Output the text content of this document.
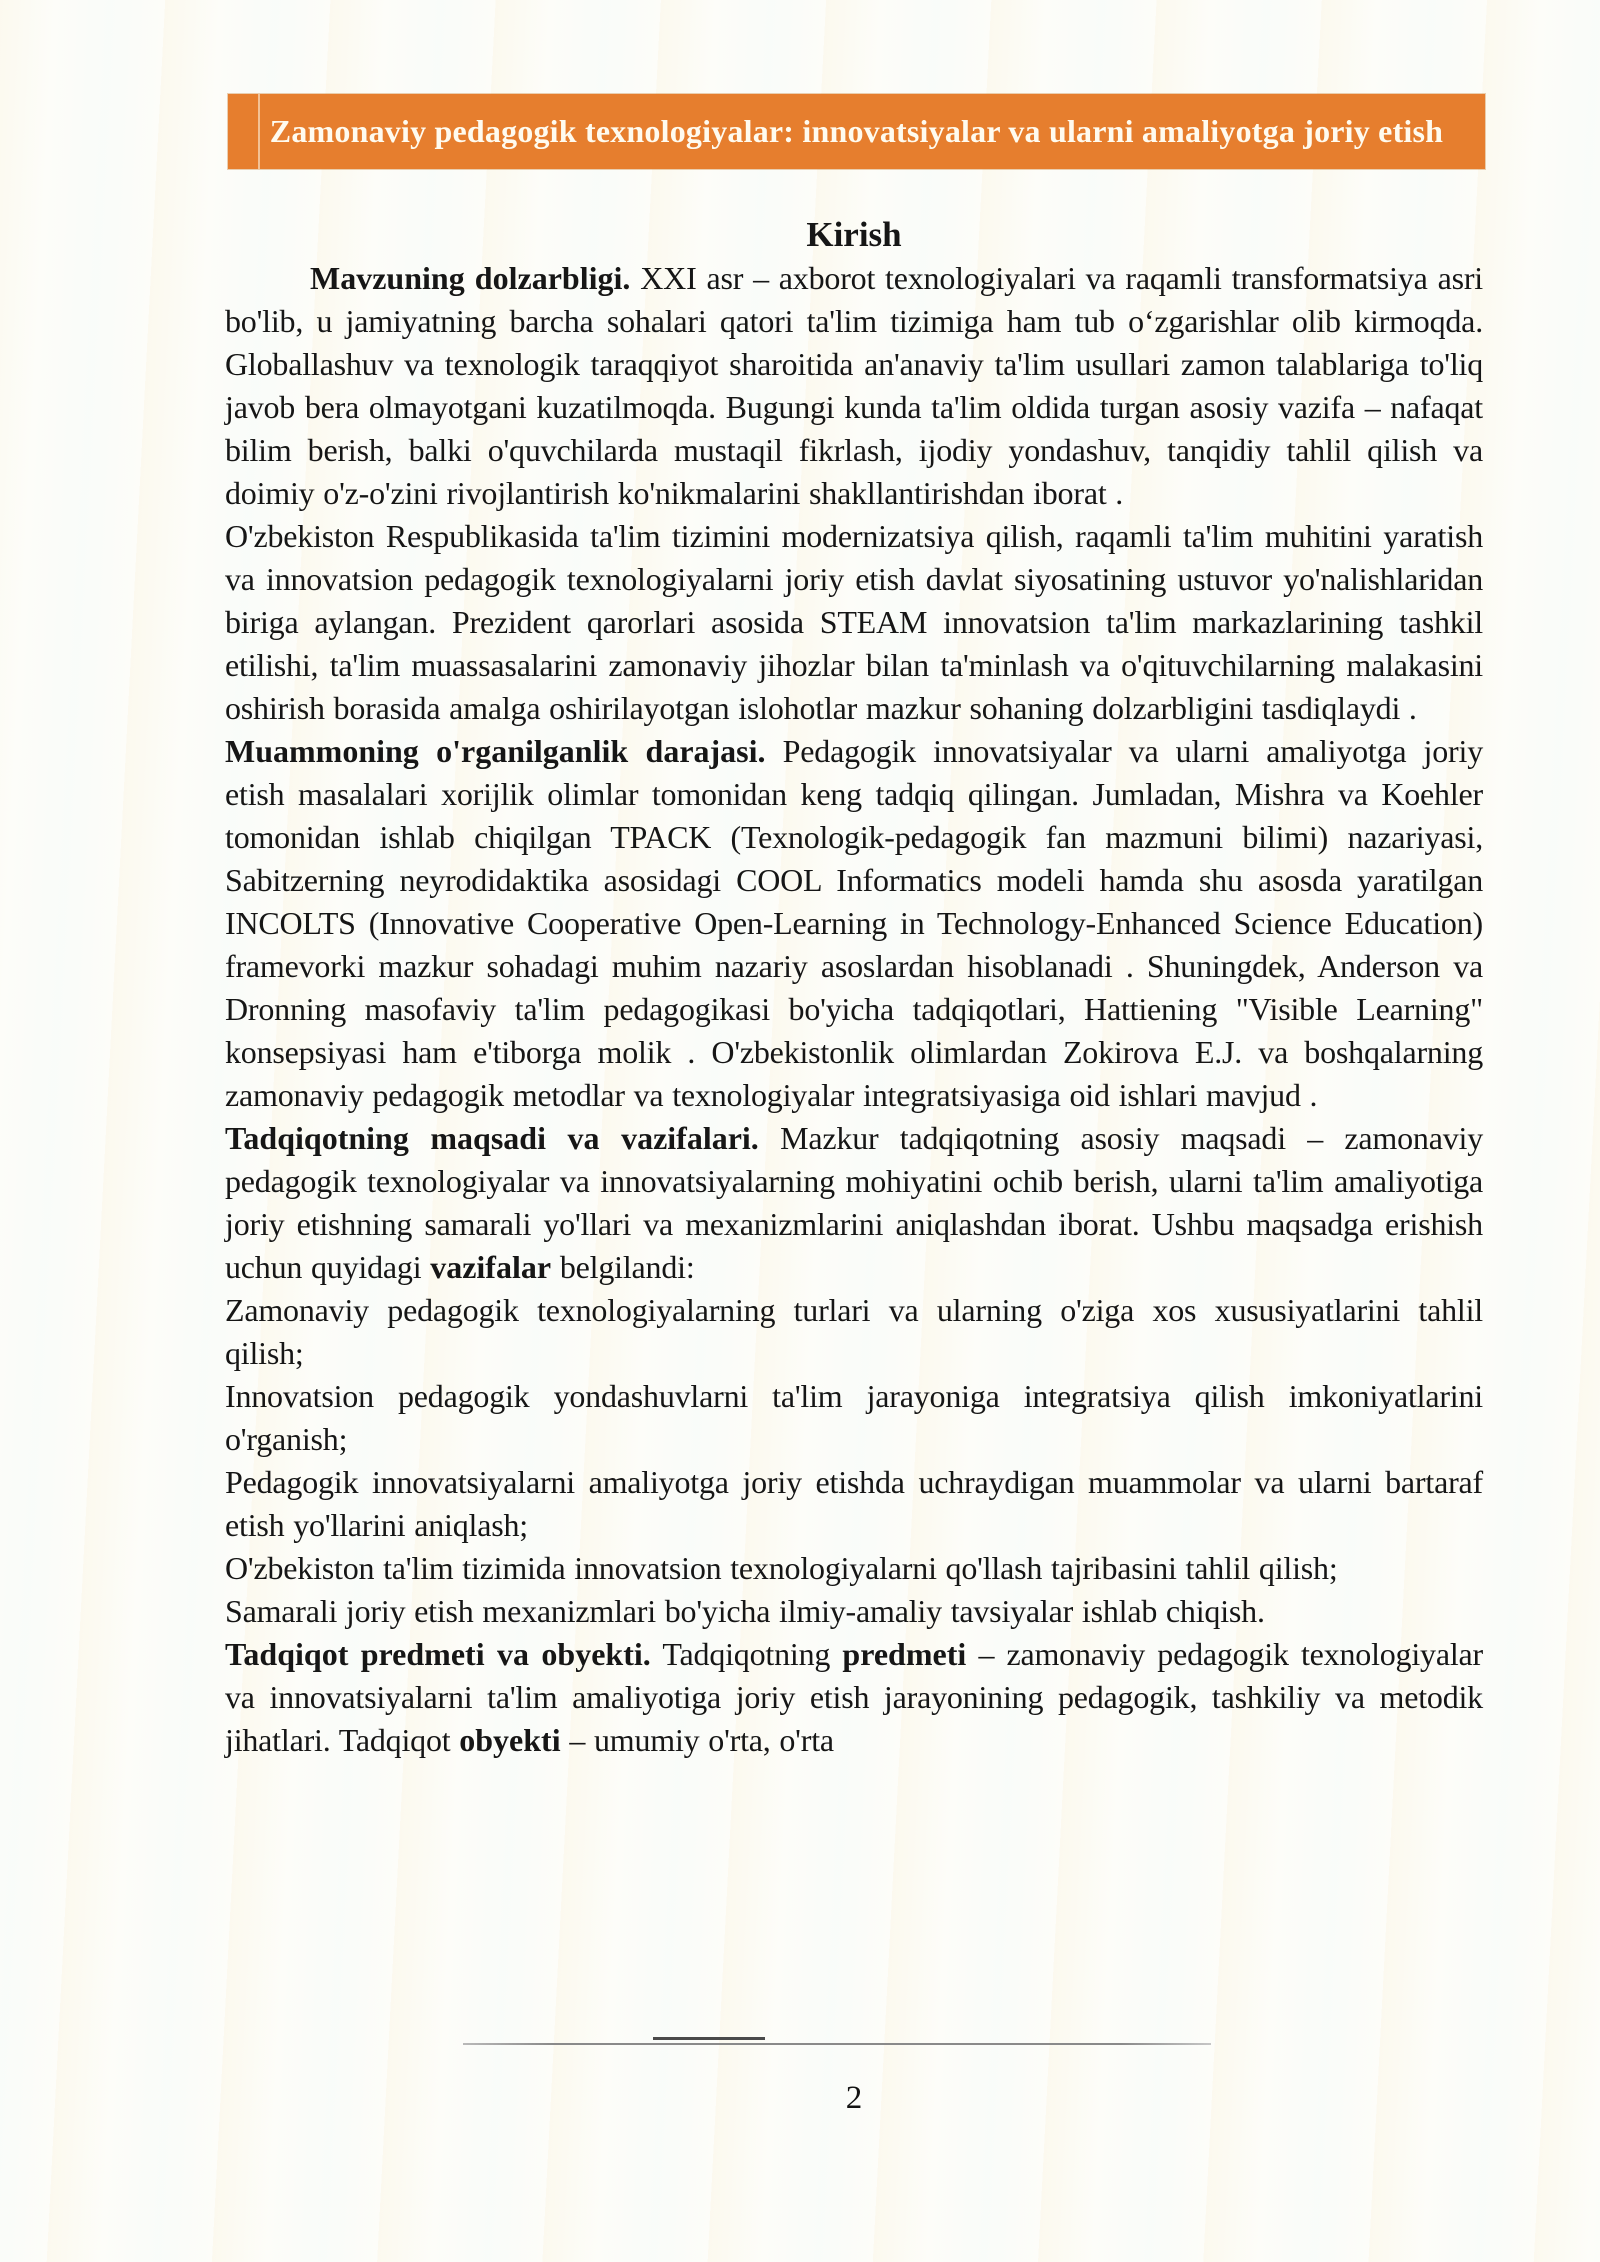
Zamonaviy pedagogik texnologiyalar: innovatsiyalar va ularni amaliyotga joriy etish
Kirish

Mavzuning dolzarbligi. XXI asr – axborot texnologiyalari va raqamli transformatsiya asri bo'lib, u jamiyatning barcha sohalari qatori ta'lim tizimiga ham tub o‘zgarishlar olib kirmoqda. Globallashuv va texnologik taraqqiyot sharoitida an'anaviy ta'lim usullari zamon talablariga to'liq javob bera olmayotgani kuzatilmoqda. Bugungi kunda ta'lim oldida turgan asosiy vazifa – nafaqat bilim berish, balki o'quvchilarda mustaqil fikrlash, ijodiy yondashuv, tanqidiy tahlil qilish va doimiy o'z-o'zini rivojlantirish ko'nikmalarini shakllantirishdan iborat .

O'zbekiston Respublikasida ta'lim tizimini modernizatsiya qilish, raqamli ta'lim muhitini yaratish va innovatsion pedagogik texnologiyalarni joriy etish davlat siyosatining ustuvor yo'nalishlaridan biriga aylangan. Prezident qarorlari asosida STEAM innovatsion ta'lim markazlarining tashkil etilishi, ta'lim muassasalarini zamonaviy jihozlar bilan ta'minlash va o'qituvchilarning malakasini oshirish borasida amalga oshirilayotgan islohotlar mazkur sohaning dolzarbligini tasdiqlaydi .

Muammoning o'rganilganlik darajasi. Pedagogik innovatsiyalar va ularni amaliyotga joriy etish masalalari xorijlik olimlar tomonidan keng tadqiq qilingan. Jumladan, Mishra va Koehler tomonidan ishlab chiqilgan TPACK (Texnologik-pedagogik fan mazmuni bilimi) nazariyasi, Sabitzerning neyrodidaktika asosidagi COOL Informatics modeli hamda shu asosda yaratilgan INCOLTS (Innovative Cooperative Open-Learning in Technology-Enhanced Science Education) framevorki mazkur sohadagi muhim nazariy asoslardan hisoblanadi . Shuningdek, Anderson va Dronning masofaviy ta'lim pedagogikasi bo'yicha tadqiqotlari, Hattiening "Visible Learning" konsepsiyasi ham e'tiborga molik . O'zbekistonlik olimlardan Zokirova E.J. va boshqalarning zamonaviy pedagogik metodlar va texnologiyalar integratsiyasiga oid ishlari mavjud .

Tadqiqotning maqsadi va vazifalari. Mazkur tadqiqotning asosiy maqsadi – zamonaviy pedagogik texnologiyalar va innovatsiyalarning mohiyatini ochib berish, ularni ta'lim amaliyotiga joriy etishning samarali yo'llari va mexanizmlarini aniqlashdan iborat. Ushbu maqsadga erishish uchun quyidagi vazifalar belgilandi:

Zamonaviy pedagogik texnologiyalarning turlari va ularning o'ziga xos xususiyatlarini tahlil qilish;

Innovatsion pedagogik yondashuvlarni ta'lim jarayoniga integratsiya qilish imkoniyatlarini o'rganish;

Pedagogik innovatsiyalarni amaliyotga joriy etishda uchraydigan muammolar va ularni bartaraf etish yo'llarini aniqlash;

O'zbekiston ta'lim tizimida innovatsion texnologiyalarni qo'llash tajribasini tahlil qilish;

Samarali joriy etish mexanizmlari bo'yicha ilmiy-amaliy tavsiyalar ishlab chiqish.

Tadqiqot predmeti va obyekti. Tadqiqotning predmeti – zamonaviy pedagogik texnologiyalar va innovatsiyalarni ta'lim amaliyotiga joriy etish jarayonining pedagogik, tashkiliy va metodik jihatlari. Tadqiqot obyekti – umumiy o'rta, o'rta

2
